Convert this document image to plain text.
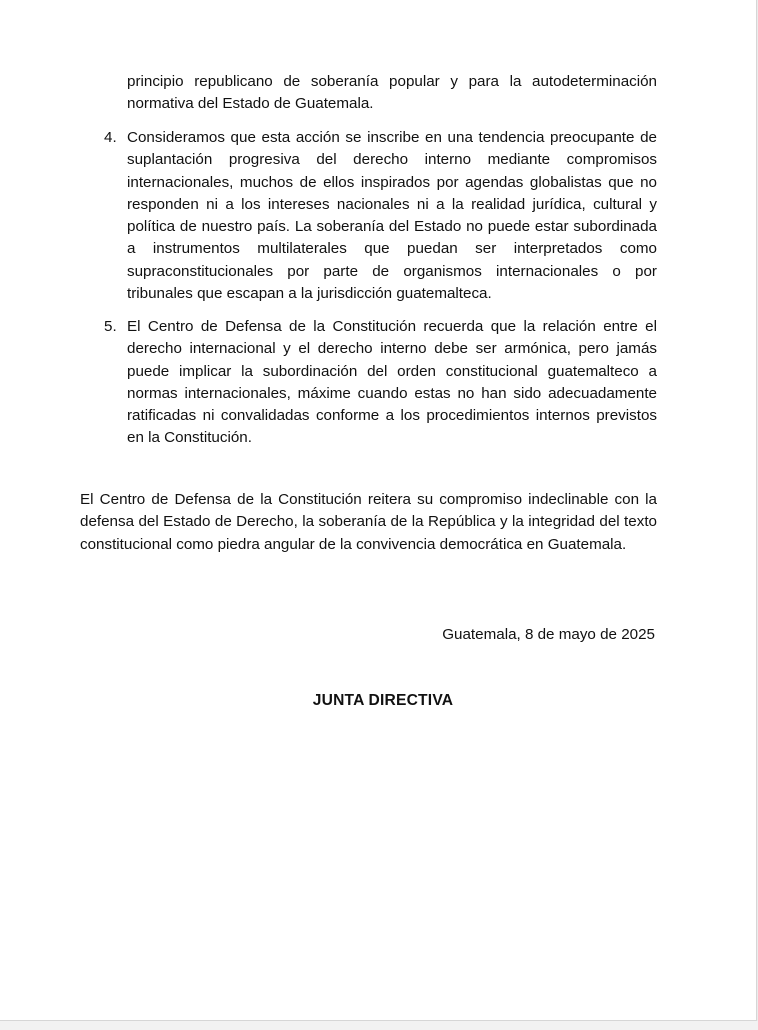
principio republicano de soberanía popular y para la autodeterminación normativa del Estado de Guatemala.
4. Consideramos que esta acción se inscribe en una tendencia preocupante de suplantación progresiva del derecho interno mediante compromisos internacionales, muchos de ellos inspirados por agendas globalistas que no responden ni a los intereses nacionales ni a la realidad jurídica, cultural y política de nuestro país. La soberanía del Estado no puede estar subordinada a instrumentos multilaterales que puedan ser interpretados como supraconstitucionales por parte de organismos internacionales o por tribunales que escapan a la jurisdicción guatemalteca.
5. El Centro de Defensa de la Constitución recuerda que la relación entre el derecho internacional y el derecho interno debe ser armónica, pero jamás puede implicar la subordinación del orden constitucional guatemalteco a normas internacionales, máxime cuando estas no han sido adecuadamente ratificadas ni convalidadas conforme a los procedimientos internos previstos en la Constitución.
El Centro de Defensa de la Constitución reitera su compromiso indeclinable con la defensa del Estado de Derecho, la soberanía de la República y la integridad del texto constitucional como piedra angular de la convivencia democrática en Guatemala.
Guatemala, 8 de mayo de 2025
JUNTA DIRECTIVA
